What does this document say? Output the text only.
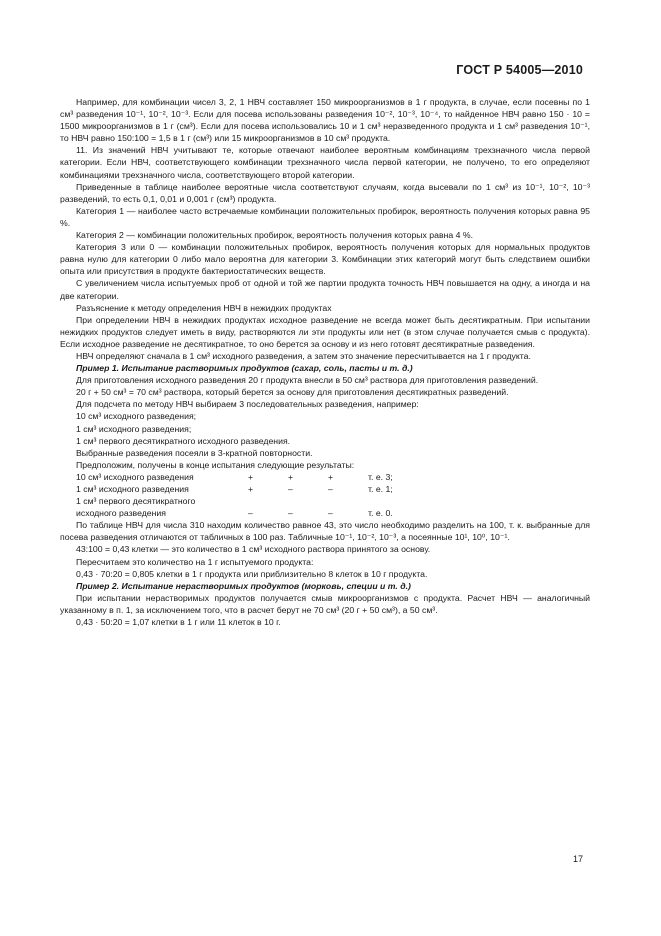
ГОСТ Р 54005—2010

Например, для комбинации чисел 3, 2, 1 НВЧ составляет 150 микроорганизмов в 1 г продукта, в случае, если посевны по 1 см³ разведения 10⁻¹, 10⁻², 10⁻³. Если для посева использованы разведения 10⁻², 10⁻³, 10⁻⁴, то найденное НВЧ равно 150 · 10 = 1500 микроорганизмов в 1 г (см³). Если для посева использовались 10 и 1 см³ неразведенного продукта и 1 см³ разведения 10⁻¹, то НВЧ равно 150:100 = 1,5 в 1 г (см³) или 15 микроорганизмов в 10 см³ продукта.

11. Из значений НВЧ учитывают те, которые отвечают наиболее вероятным комбинациям трехзначного числа первой категории. Если НВЧ, соответствующего комбинации трехзначного числа первой категории, не получено, то его определяют комбинациями трехзначного числа, соответствующего второй категории.

Приведенные в таблице наиболее вероятные числа соответствуют случаям, когда высевали по 1 см³ из 10⁻¹, 10⁻², 10⁻³ разведений, то есть 0,1, 0,01 и 0,001 г (см³) продукта.

Категория 1 — наиболее часто встречаемые комбинации положительных пробирок, вероятность получения которых равна 95 %.

Категория 2 — комбинации положительных пробирок, вероятность получения которых равна 4 %.

Категория 3 или 0 — комбинации положительных пробирок, вероятность получения которых для нормальных продуктов равна нулю для категории 0 либо мало вероятна для категории 3. Комбинации этих категорий могут быть следствием ошибки опыта или присутствия в продукте бактериостатических веществ.

С увеличением числа испытуемых проб от одной и той же партии продукта точность НВЧ повышается на одну, а иногда и на две категории.

Разъяснение к методу определения НВЧ в нежидких продуктах

При определении НВЧ в нежидких продуктах исходное разведение не всегда может быть десятикратным. При испытании нежидких продуктов следует иметь в виду, растворяются ли эти продукты или нет (в этом случае получается смыв с продукта). Если исходное разведение не десятикратное, то оно берется за основу и из него готовят десятикратные разведения.

НВЧ определяют сначала в 1 см³ исходного разведения, а затем это значение пересчитывается на 1 г продукта.

Пример 1. Испытание растворимых продуктов (сахар, соль, пасты и т. д.)

Для приготовления исходного разведения 20 г продукта внесли в 50 см³ раствора для приготовления разведений.

20 г + 50 см³ = 70 см³ раствора, который берется за основу для приготовления десятикратных разведений.

Для подсчета по методу НВЧ выбираем 3 последовательных разведения, например:

10 см³ исходного разведения;

1 см³ исходного разведения;

1 см³ первого десятикратного исходного разведения.

Выбранные разведения посеяли в 3-кратной повторности.

Предположим, получены в конце испытания следующие результаты:

10 см³ исходного разведения	+	+	+	т. е. 3;
1 см³ исходного разведения	+	–	–	т. е. 1;
1 см³ первого десятикратного
исходного разведения	–	–	–	т. е. 0.

По таблице НВЧ для числа 310 находим количество равное 43, это число необходимо разделить на 100, т. к. выбранные для посева разведения отличаются от табличных в 100 раз. Табличные 10⁻¹, 10⁻², 10⁻³, а посеянные 10¹, 10⁰, 10⁻¹.

43:100 = 0,43 клетки — это количество в 1 см³ исходного раствора принятого за основу.

Пересчитаем это количество на 1 г испытуемого продукта:

0,43 · 70:20 = 0,805 клетки в 1 г продукта или приблизительно 8 клеток в 10 г продукта.

Пример 2. Испытание нерастворимых продуктов (морковь, специи и т. д.)

При испытании нерастворимых продуктов получается смыв микроорганизмов с продукта. Расчет НВЧ — аналогичный указанному в п. 1, за исключением того, что в расчет берут не 70 см³ (20 г + 50 см³), а 50 см³.

0,43 · 50:20 = 1,07 клетки в 1 г или 11 клеток в 10 г.

17
